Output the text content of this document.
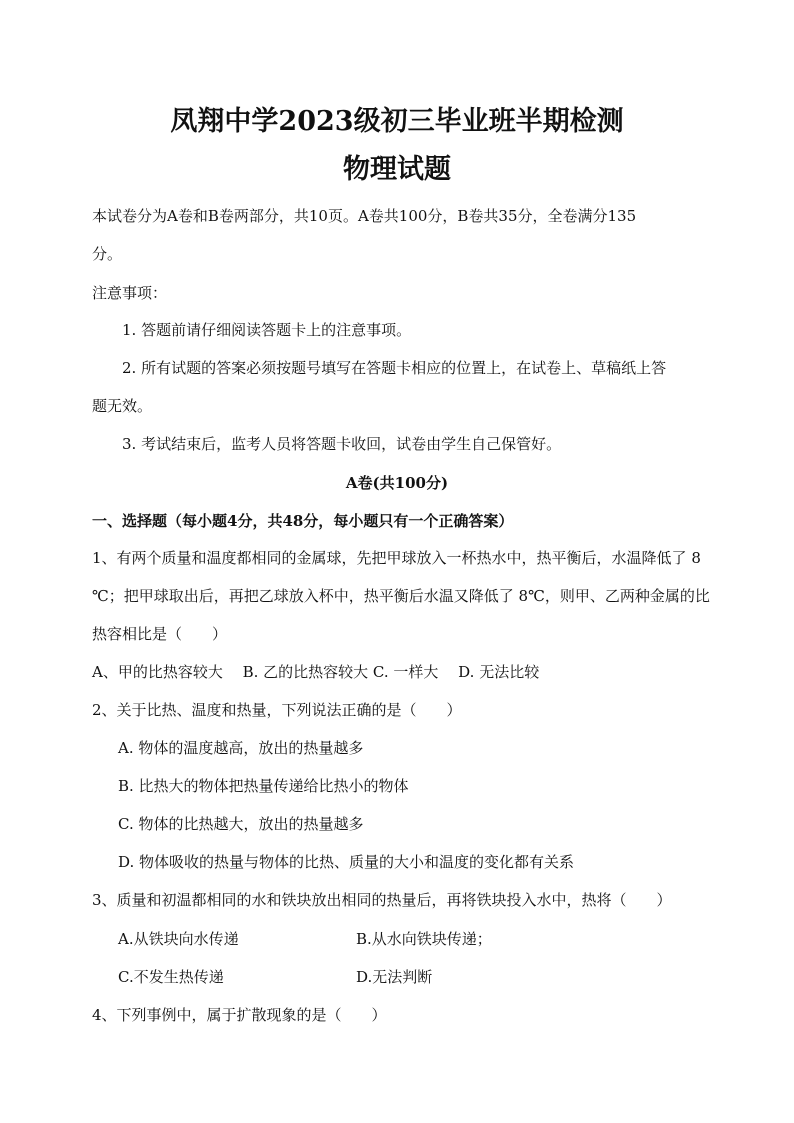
凤翔中学2023级初三毕业班半期检测
物理试题
本试卷分为A卷和B卷两部分，共10页。A卷共100分，B卷共35分，全卷满分135
分。
注意事项：
1. 答题前请仔细阅读答题卡上的注意事项。
2. 所有试题的答案必须按题号填写在答题卡相应的位置上，在试卷上、草稿纸上答
题无效。
3. 考试结束后，监考人员将答题卡收回，试卷由学生自己保管好。
A卷(共100分)
一、选择题（每小题4分，共48分，每小题只有一个正确答案）
1、有两个质量和温度都相同的金属球，先把甲球放入一杯热水中，热平衡后，水温降低了 8
℃；把甲球取出后，再把乙球放入杯中，热平衡后水温又降低了 8℃，则甲、乙两种金属的比
热容相比是（　　）
A、甲的比热容较大　 B. 乙的比热容较大 C. 一样大　 D. 无法比较
2、关于比热、温度和热量，下列说法正确的是（　　）
A. 物体的温度越高，放出的热量越多
B. 比热大的物体把热量传递给比热小的物体
C. 物体的比热越大，放出的热量越多
D. 物体吸收的热量与物体的比热、质量的大小和温度的变化都有关系
3、质量和初温都相同的水和铁块放出相同的热量后，再将铁块投入水中，热将（　　）
A.从铁块向水传递	B.从水向铁块传递；
C.不发生热传递	D.无法判断
4、下列事例中，属于扩散现象的是（　　）
